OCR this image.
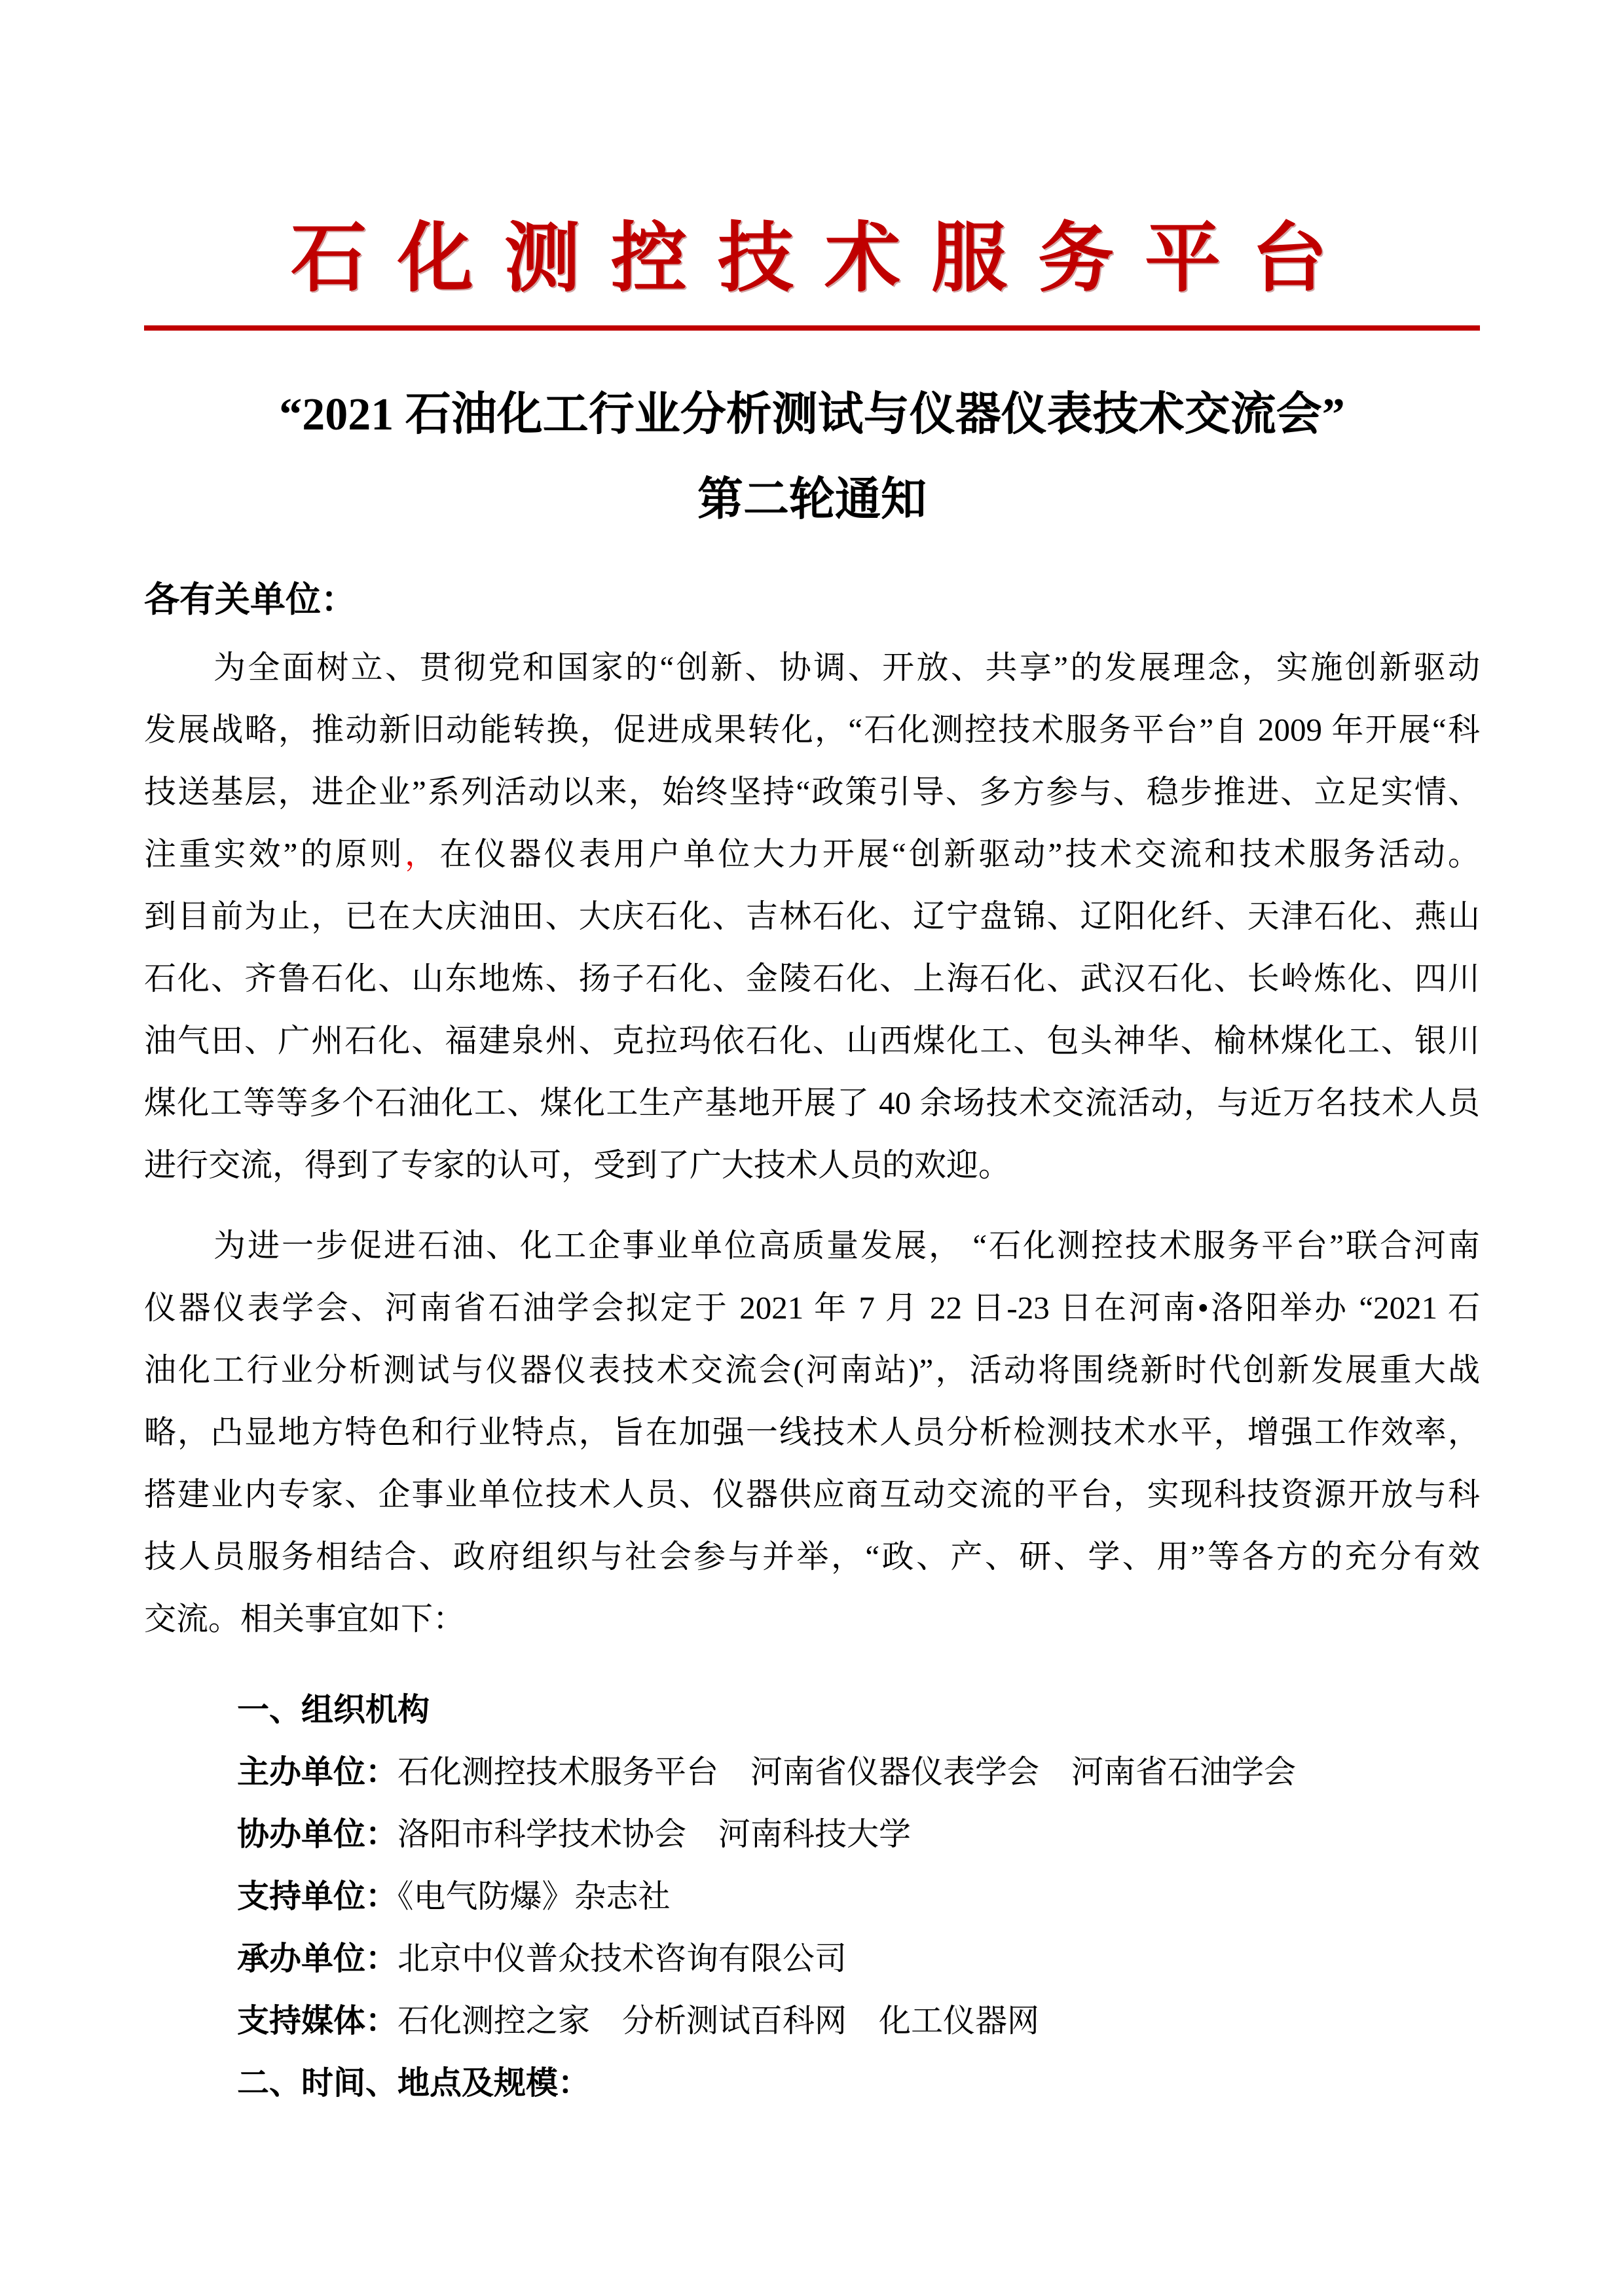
石 化 测 控 技 术 服 务 平 台
“2021 石油化工行业分析测试与仪器仪表技术交流会”
第二轮通知

各有关单位：

为全面树立、贯彻党和国家的“创新、协调、开放、共享”的发展理念，实施创新驱动
发展战略，推动新旧动能转换，促进成果转化，“石化测控技术服务平台”自 2009 年开展“科
技送基层，进企业”系列活动以来，始终坚持“政策引导、多方参与、稳步推进、立足实情、
注重实效”的原则，在仪器仪表用户单位大力开展“创新驱动”技术交流和技术服务活动。
到目前为止，已在大庆油田、大庆石化、吉林石化、辽宁盘锦、辽阳化纤、天津石化、燕山
石化、齐鲁石化、山东地炼、扬子石化、金陵石化、上海石化、武汉石化、长岭炼化、四川
油气田、广州石化、福建泉州、克拉玛依石化、山西煤化工、包头神华、榆林煤化工、银川
煤化工等等多个石油化工、煤化工生产基地开展了 40 余场技术交流活动，与近万名技术人员
进行交流，得到了专家的认可，受到了广大技术人员的欢迎。
为进一步促进石油、化工企事业单位高质量发展， “石化测控技术服务平台”联合河南
仪器仪表学会、河南省石油学会拟定于 2021 年 7 月 22 日-23 日在河南•洛阳举办 “2021 石
油化工行业分析测试与仪器仪表技术交流会(河南站)”，活动将围绕新时代创新发展重大战
略，凸显地方特色和行业特点，旨在加强一线技术人员分析检测技术水平，增强工作效率，
搭建业内专家、企事业单位技术人员、仪器供应商互动交流的平台，实现科技资源开放与科
技人员服务相结合、政府组织与社会参与并举，“政、产、研、学、用”等各方的充分有效
交流。相关事宜如下：
一、组织机构
主办单位：石化测控技术服务平台　河南省仪器仪表学会　河南省石油学会
协办单位：洛阳市科学技术协会　河南科技大学
支持单位：《电气防爆》杂志社
承办单位：北京中仪普众技术咨询有限公司
支持媒体：石化测控之家　分析测试百科网　化工仪器网
二、时间、地点及规模：
